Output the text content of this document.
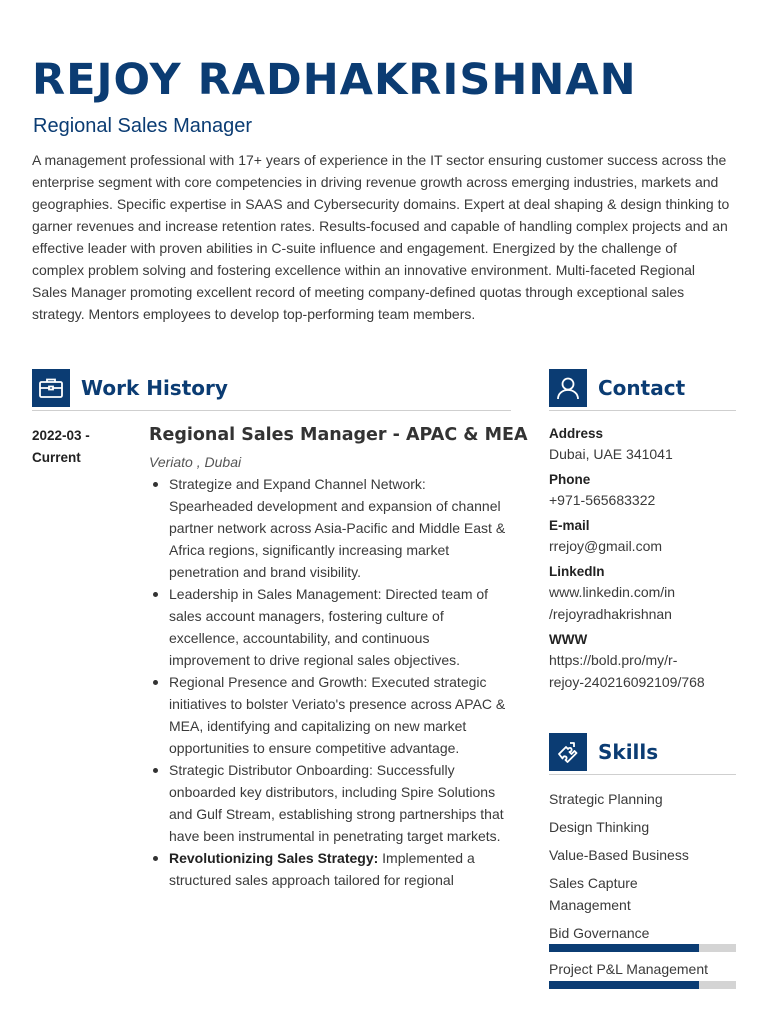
REJOY RADHAKRISHNAN
Regional Sales Manager

A management professional with 17+ years of experience in the IT sector ensuring customer success across the enterprise segment with core competencies in driving revenue growth across emerging industries, markets and geographies. Specific expertise in SAAS and Cybersecurity domains. Expert at deal shaping & design thinking to garner revenues and increase retention rates. Results-focused and capable of handling complex projects and an effective leader with proven abilities in C-suite influence and engagement. Energized by the challenge of complex problem solving and fostering excellence within an innovative environment. Multi-faceted Regional Sales Manager promoting excellent record of meeting company-defined quotas through exceptional sales strategy. Mentors employees to develop top-performing team members.

Work History
2022-03 -
Current
Regional Sales Manager - APAC & MEA
Veriato , Dubai
Strategize and Expand Channel Network: Spearheaded development and expansion of channel partner network across Asia-Pacific and Middle East & Africa regions, significantly increasing market penetration and brand visibility.
Leadership in Sales Management: Directed team of sales account managers, fostering culture of excellence, accountability, and continuous improvement to drive regional sales objectives.
Regional Presence and Growth: Executed strategic initiatives to bolster Veriato's presence across APAC & MEA, identifying and capitalizing on new market opportunities to ensure competitive advantage.
Strategic Distributor Onboarding: Successfully onboarded key distributors, including Spire Solutions and Gulf Stream, establishing strong partnerships that have been instrumental in penetrating target markets.
Revolutionizing Sales Strategy: Implemented a structured sales approach tailored for regional
Contact
Address
Dubai, UAE 341041
Phone
+971-565683322
E-mail
rrejoy@gmail.com
LinkedIn
www.linkedin.com/in
/rejoyradhakrishnan
WWW
https://bold.pro/my/r-
rejoy-240216092109/768
Skills
Strategic Planning
Design Thinking
Value-Based Business
Sales Capture
Management
Bid Governance
Project P&L Management
